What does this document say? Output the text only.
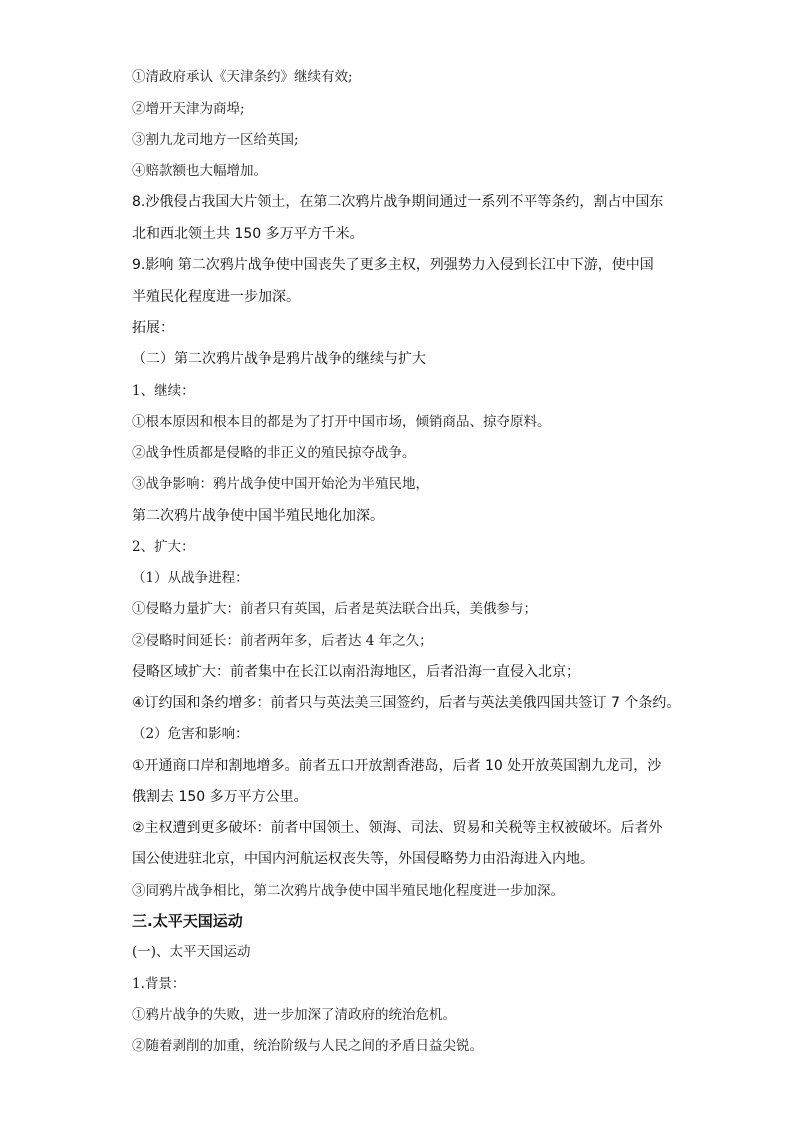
①清政府承认《天津条约》继续有效;
②增开天津为商埠;
③割九龙司地方一区给英国;
④赔款额也大幅增加。
8.沙俄侵占我国大片领土，在第二次鸦片战争期间通过一系列不平等条约，割占中国东
北和西北领土共 150 多万平方千米。
9.影响 第二次鸦片战争使中国丧失了更多主权，列强势力入侵到长江中下游，使中国
半殖民化程度进一步加深。
拓展：
（二）第二次鸦片战争是鸦片战争的继续与扩大
1、继续：
①根本原因和根本目的都是为了打开中国市场，倾销商品、掠夺原料。
②战争性质都是侵略的非正义的殖民掠夺战争。
③战争影响：鸦片战争使中国开始沦为半殖民地，
第二次鸦片战争使中国半殖民地化加深。
2、扩大：
（1）从战争进程：
①侵略力量扩大：前者只有英国，后者是英法联合出兵，美俄参与；
②侵略时间延长：前者两年多，后者达 4 年之久；
侵略区域扩大：前者集中在长江以南沿海地区，后者沿海一直侵入北京；
④订约国和条约增多：前者只与英法美三国签约，后者与英法美俄四国共签订 7 个条约。
（2）危害和影响：
①开通商口岸和割地增多。前者五口开放割香港岛，后者 10 处开放英国割九龙司，沙
俄割去 150 多万平方公里。
②主权遭到更多破坏：前者中国领土、领海、司法、贸易和关税等主权被破坏。后者外
国公使进驻北京，中国内河航运权丧失等，外国侵略势力由沿海进入内地。
③同鸦片战争相比，第二次鸦片战争使中国半殖民地化程度进一步加深。
三.太平天国运动
(一)、太平天国运动
1.背景：
①鸦片战争的失败，进一步加深了清政府的统治危机。
②随着剥削的加重，统治阶级与人民之间的矛盾日益尖锐。
